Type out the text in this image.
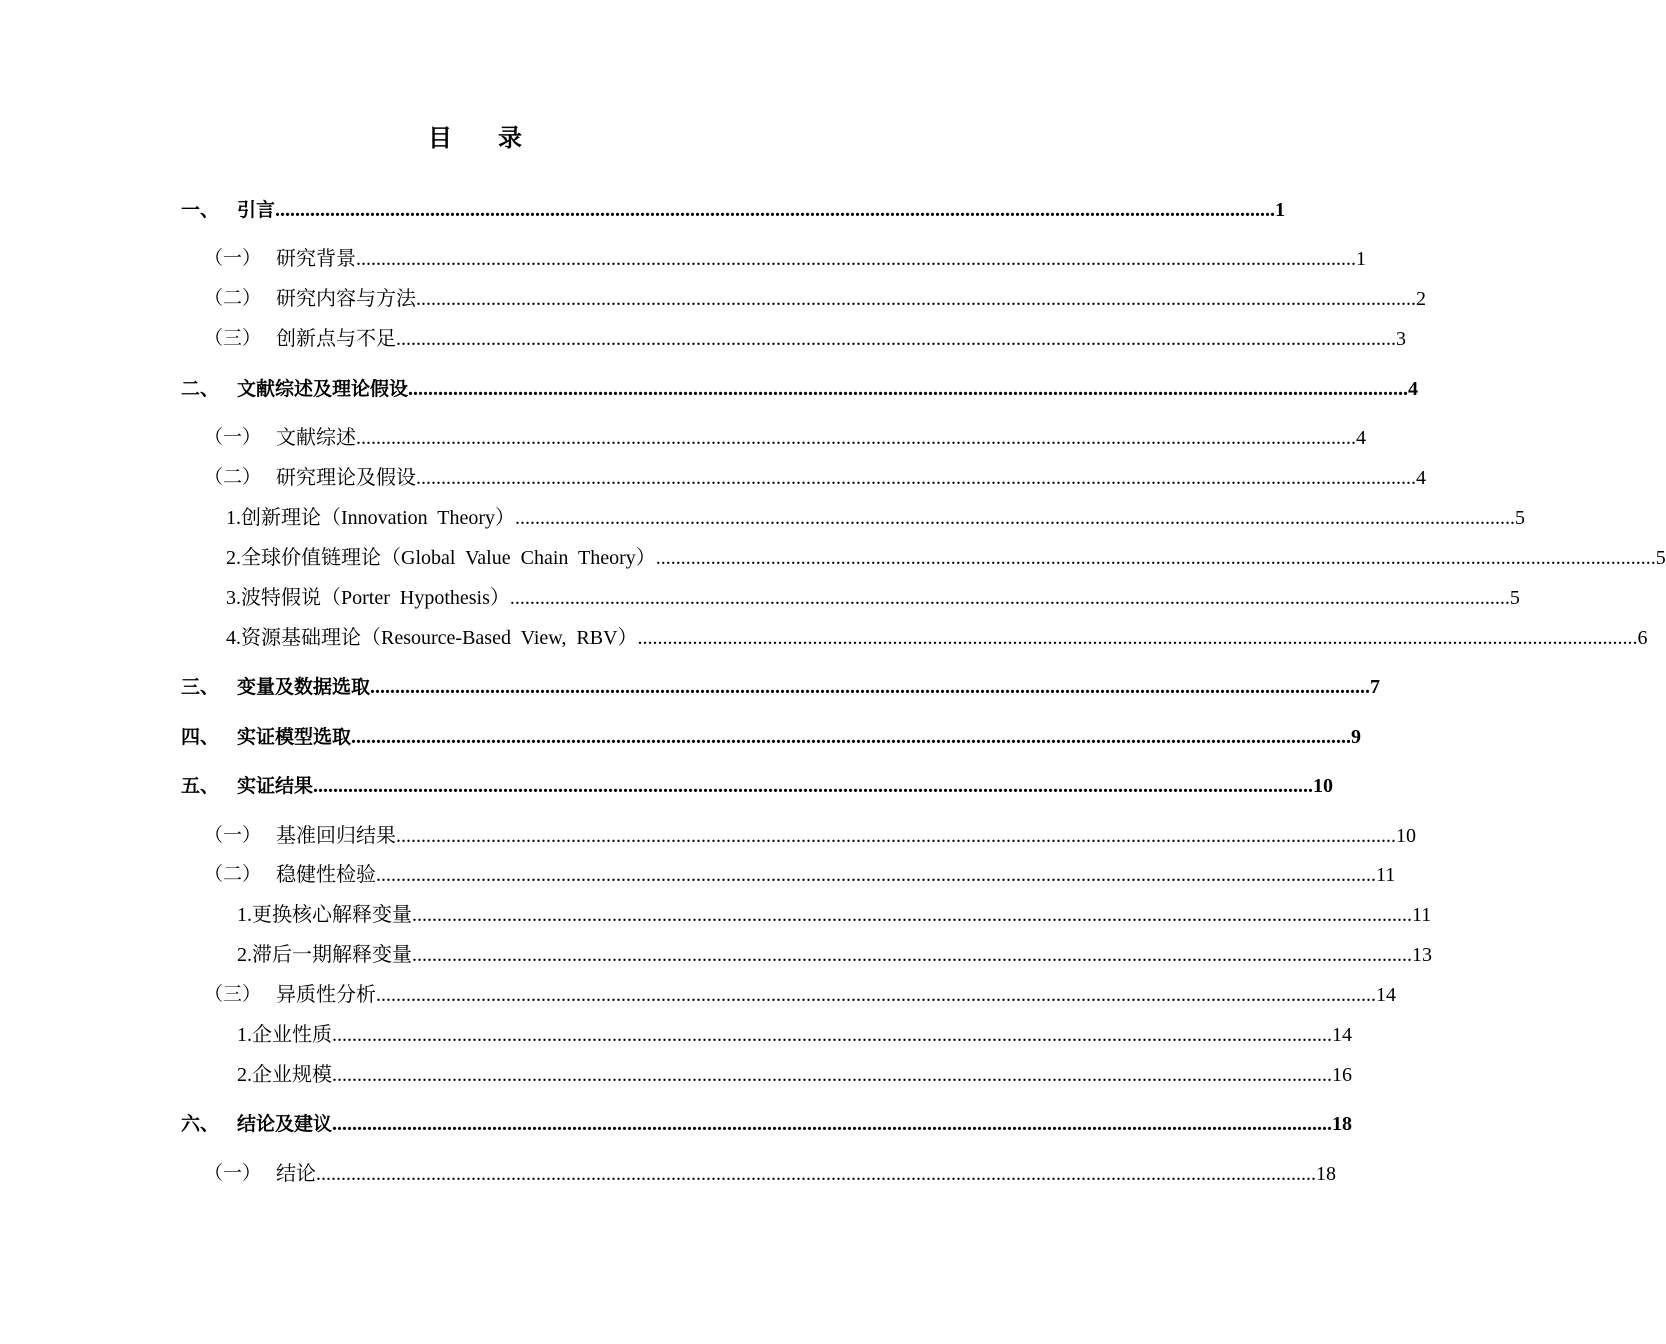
目 录
一、 引言 ........................................................................................................................................................................................................ 1
（一） 研究背景 ........................................................................................................................................................................................................ 1
（二） 研究内容与方法 ........................................................................................................................................................................................................ 2
（三） 创新点与不足 ........................................................................................................................................................................................................ 3
二、 文献综述及理论假设 ........................................................................................................................................................................................................ 4
（一） 文献综述 ........................................................................................................................................................................................................ 4
（二） 研究理论及假设 ........................................................................................................................................................................................................ 4
1.创新理论（Innovation  Theory） ........................................................................................................................................................................................................ 5
2.全球价值链理论（Global  Value  Chain  Theory） ........................................................................................................................................................................................................ 5
3.波特假说（Porter  Hypothesis） ........................................................................................................................................................................................................ 5
4.资源基础理论（Resource-Based  View,  RBV） ........................................................................................................................................................................................................ 6
三、 变量及数据选取 ........................................................................................................................................................................................................ 7
四、 实证模型选取 ........................................................................................................................................................................................................ 9
五、 实证结果 ........................................................................................................................................................................................................ 10
（一） 基准回归结果 ........................................................................................................................................................................................................ 10
（二） 稳健性检验 ........................................................................................................................................................................................................ 11
1.更换核心解释变量 ........................................................................................................................................................................................................ 11
2.滞后一期解释变量 ........................................................................................................................................................................................................ 13
（三） 异质性分析 ........................................................................................................................................................................................................ 14
1.企业性质 ........................................................................................................................................................................................................ 14
2.企业规模 ........................................................................................................................................................................................................ 16
六、 结论及建议 ........................................................................................................................................................................................................ 18
（一） 结论 ........................................................................................................................................................................................................ 18
